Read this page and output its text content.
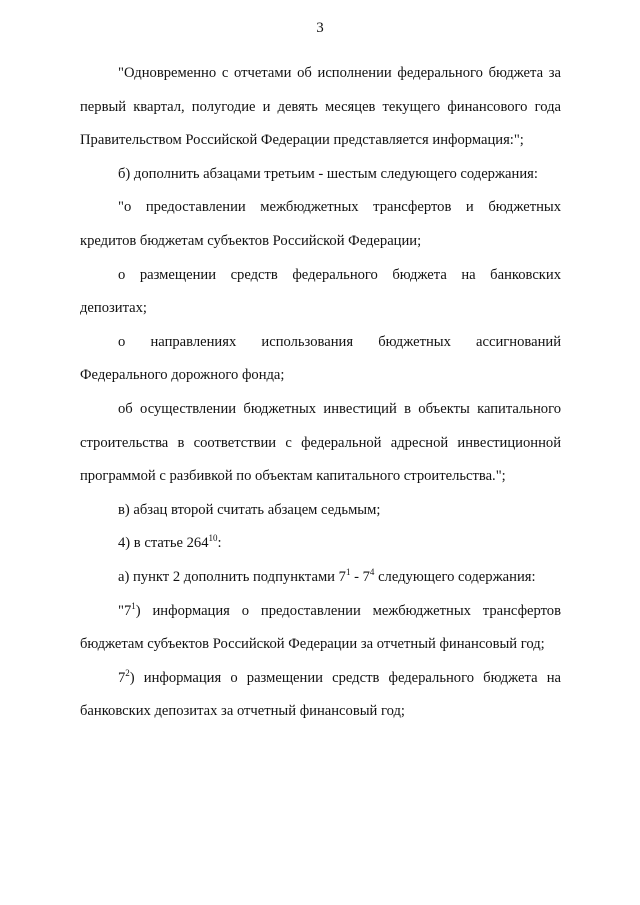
3

"Одновременно с отчетами об исполнении федерального бюджета за первый квартал, полугодие и девять месяцев текущего финансового года Правительством Российской Федерации представляется информация:";

б) дополнить абзацами третьим - шестым следующего содержания:

"о предоставлении межбюджетных трансфертов и бюджетных кредитов бюджетам субъектов Российской Федерации;

о размещении средств федерального бюджета на банковских депозитах;

о направлениях использования бюджетных ассигнований Федерального дорожного фонда;

об осуществлении бюджетных инвестиций в объекты капитального строительства в соответствии с федеральной адресной инвестиционной программой с разбивкой по объектам капитального строительства.";

в) абзац второй считать абзацем седьмым;

4) в статье $264^{10}$:

а) пункт 2 дополнить подпунктами $7^1 - 7^4$ следующего содержания:

"$7^1$) информация о предоставлении межбюджетных трансфертов бюджетам субъектов Российской Федерации за отчетный финансовый год;

$7^2$) информация о размещении средств федерального бюджета на банковских депозитах за отчетный финансовый год;
